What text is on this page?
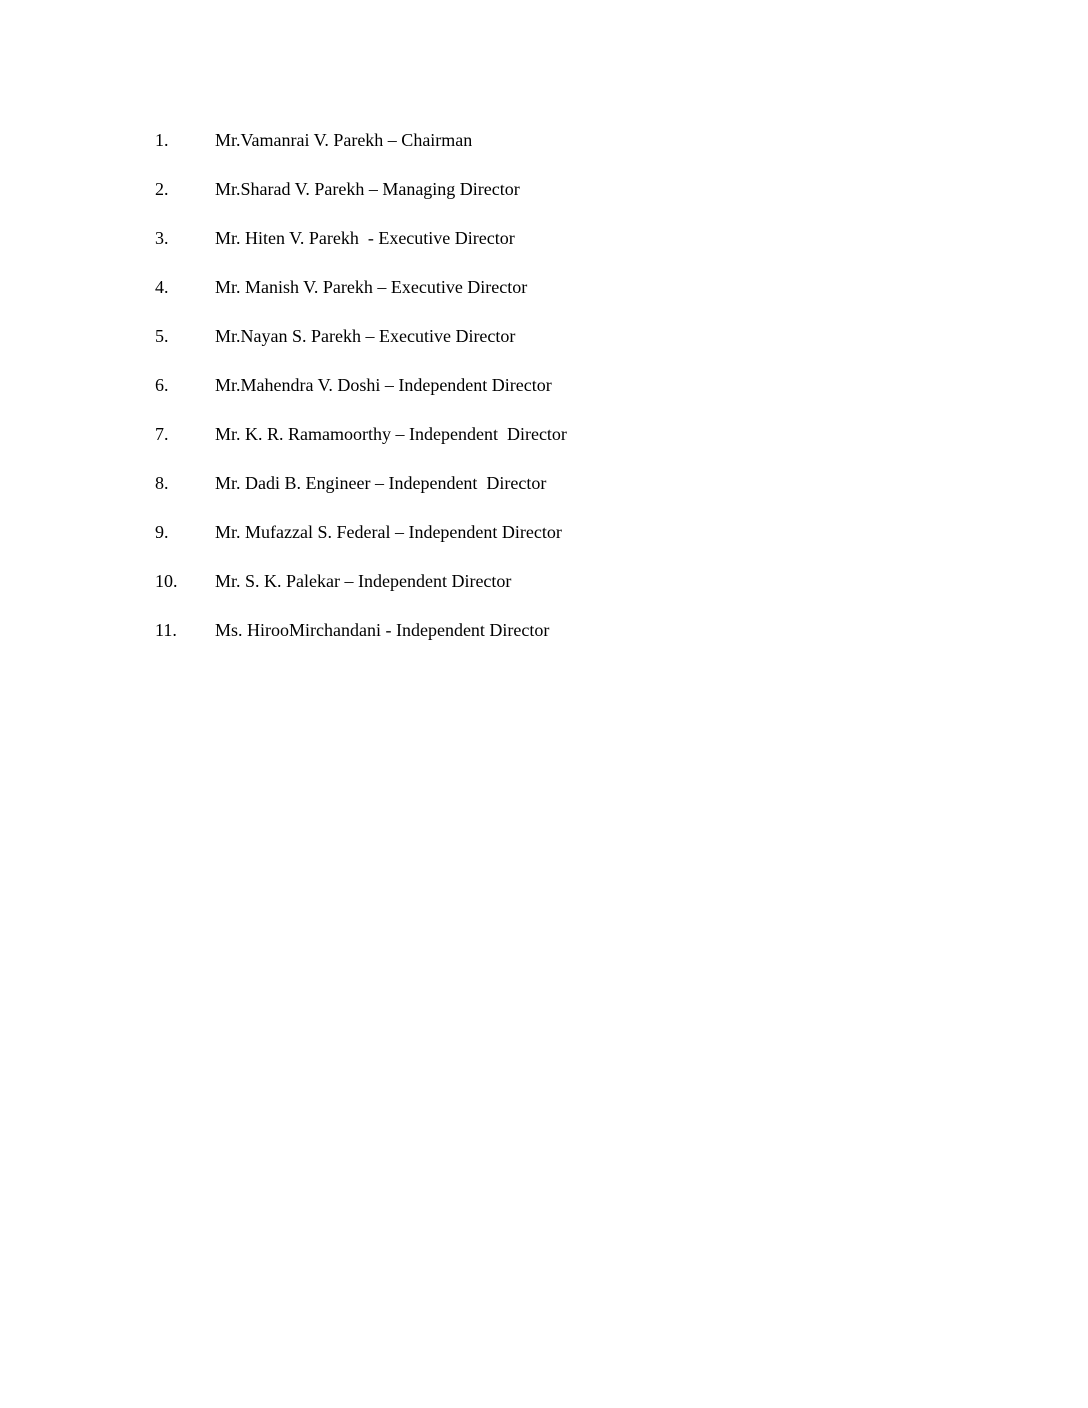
1.	Mr.Vamanrai V. Parekh – Chairman
2.	Mr.Sharad V. Parekh – Managing Director
3.	Mr. Hiten V. Parekh  - Executive Director
4.	Mr. Manish V. Parekh – Executive Director
5.	Mr.Nayan S. Parekh – Executive Director
6.	Mr.Mahendra V. Doshi – Independent Director
7.	Mr. K. R. Ramamoorthy – Independent  Director
8.	Mr. Dadi B. Engineer – Independent  Director
9.	Mr. Mufazzal S. Federal – Independent Director
10.	Mr. S. K. Palekar – Independent Director
11.	Ms. HirooMirchandani - Independent Director
